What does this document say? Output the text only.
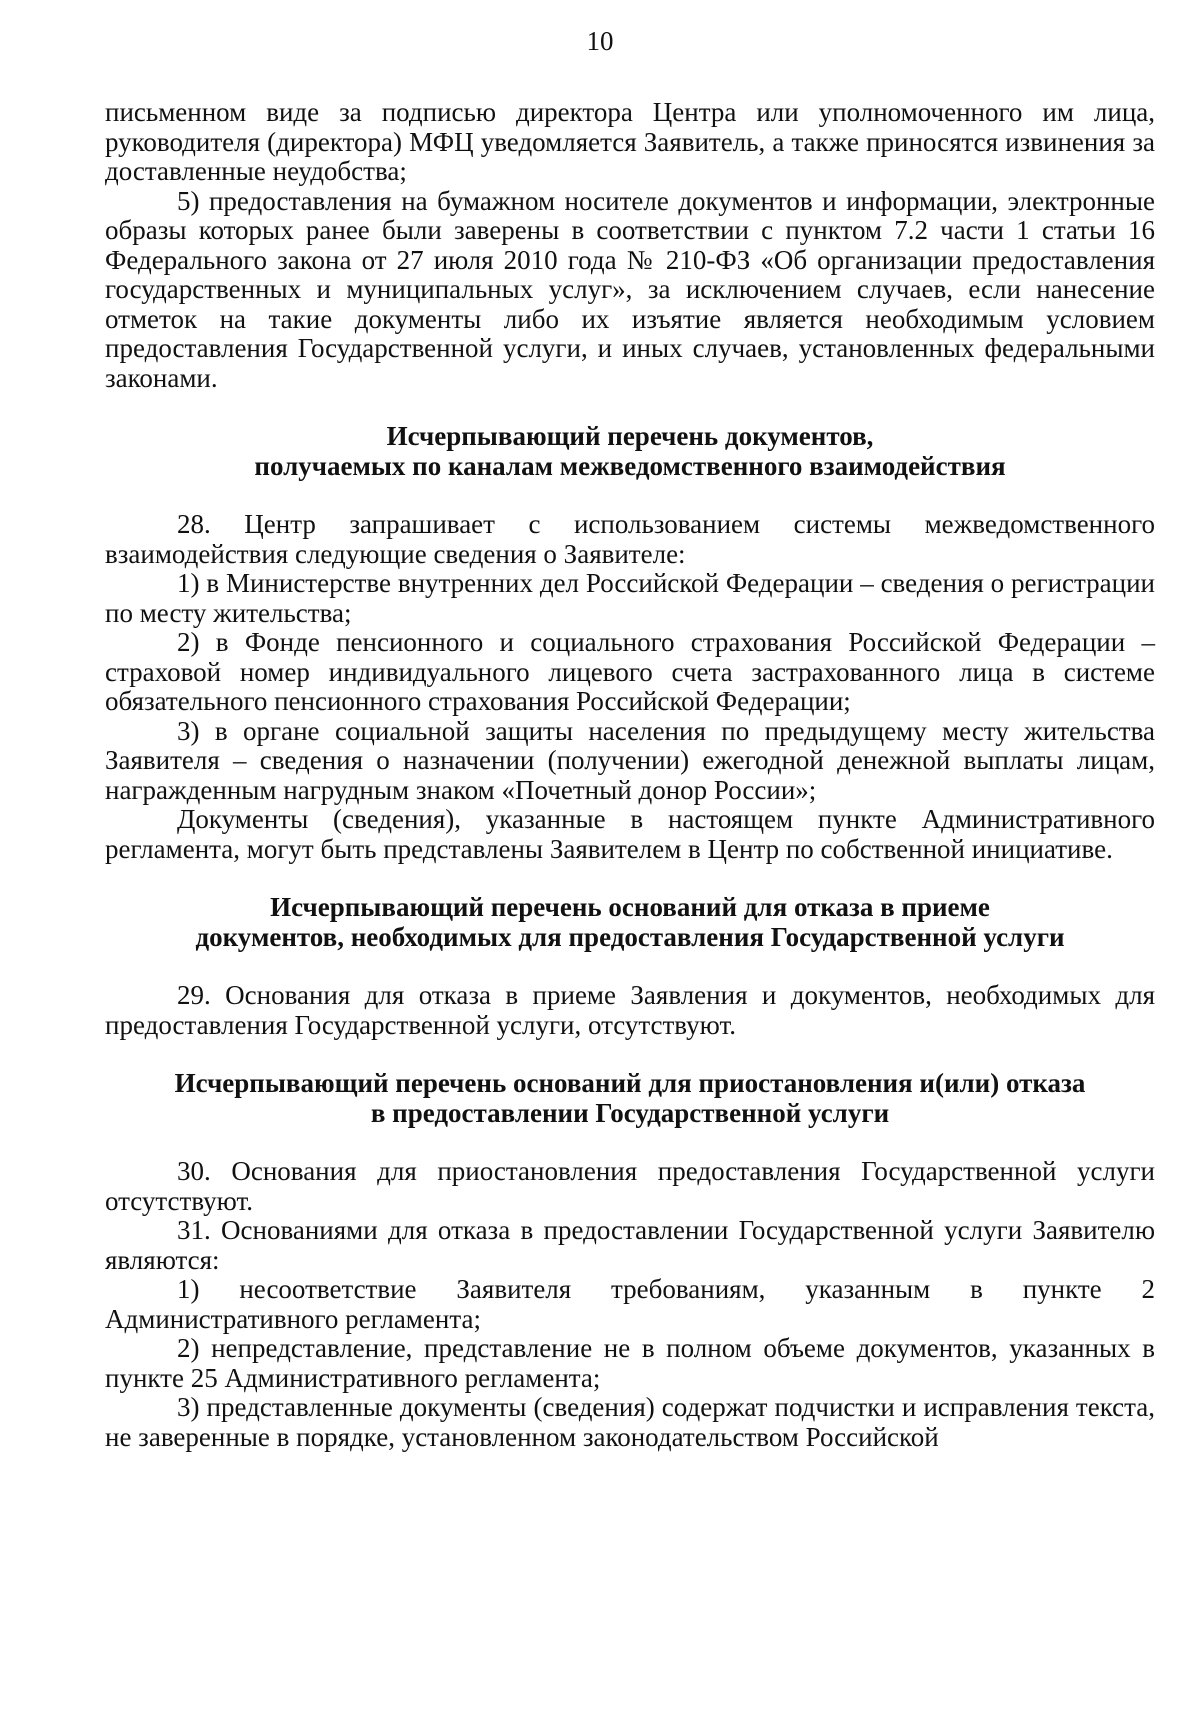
10

письменном виде за подписью директора Центра или уполномоченного им лица, руководителя (директора) МФЦ уведомляется Заявитель, а также приносятся извинения за доставленные неудобства;

5) предоставления на бумажном носителе документов и информации, электронные образы которых ранее были заверены в соответствии с пунктом 7.2 части 1 статьи 16 Федерального закона от 27 июля 2010 года № 210-ФЗ «Об организации предоставления государственных и муниципальных услуг», за исключением случаев, если нанесение отметок на такие документы либо их изъятие является необходимым условием предоставления Государственной услуги, и иных случаев, установленных федеральными законами.

Исчерпывающий перечень документов,

получаемых по каналам межведомственного взаимодействия

28. Центр запрашивает с использованием системы межведомственного взаимодействия следующие сведения о Заявителе:

1) в Министерстве внутренних дел Российской Федерации – сведения о регистрации по месту жительства;

2) в Фонде пенсионного и социального страхования Российской Федерации – страховой номер индивидуального лицевого счета застрахованного лица в системе обязательного пенсионного страхования Российской Федерации;

3) в органе социальной защиты населения по предыдущему месту жительства Заявителя – сведения о назначении (получении) ежегодной денежной выплаты лицам, награжденным нагрудным знаком «Почетный донор России»;

Документы (сведения), указанные в настоящем пункте Административного регламента, могут быть представлены Заявителем в Центр по собственной инициативе.

Исчерпывающий перечень оснований для отказа в приеме

документов, необходимых для предоставления Государственной услуги

29. Основания для отказа в приеме Заявления и документов, необходимых для предоставления Государственной услуги, отсутствуют.

Исчерпывающий перечень оснований для приостановления и(или) отказа

в предоставлении Государственной услуги

30. Основания для приостановления предоставления Государственной услуги отсутствуют.

31. Основаниями для отказа в предоставлении Государственной услуги Заявителю являются:

1) несоответствие Заявителя требованиям, указанным в пункте 2 Административного регламента;

2) непредставление, представление не в полном объеме документов, указанных в пункте 25 Административного регламента;

3) представленные документы (сведения) содержат подчистки и исправления текста, не заверенные в порядке, установленном законодательством Российской
